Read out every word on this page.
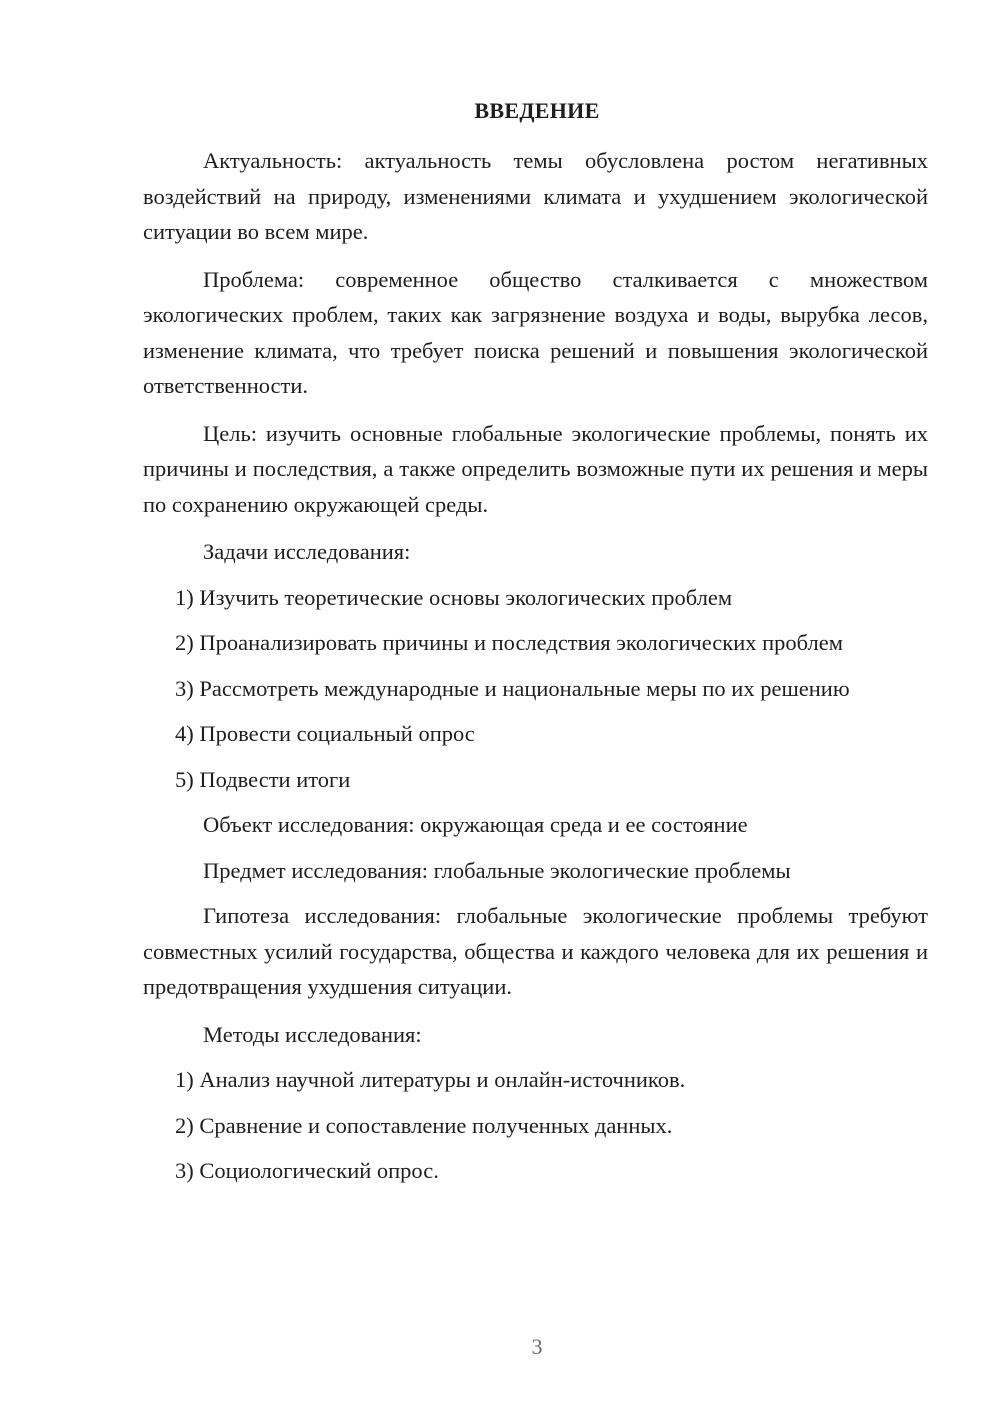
ВВЕДЕНИЕ

Актуальность: актуальность темы обусловлена ростом негативных воздействий на природу, изменениями климата и ухудшением экологической ситуации во всем мире.

Проблема: современное общество сталкивается с множеством экологических проблем, таких как загрязнение воздуха и воды, вырубка лесов, изменение климата, что требует поиска решений и повышения экологической ответственности.

Цель: изучить основные глобальные экологические проблемы, понять их причины и последствия, а также определить возможные пути их решения и меры по сохранению окружающей среды.

Задачи исследования:

1) Изучить теоретические основы экологических проблем

2) Проанализировать причины и последствия экологических проблем

3) Рассмотреть международные и национальные меры по их решению

4) Провести социальный опрос

5) Подвести итоги

Объект исследования: окружающая среда и ее состояние

Предмет исследования: глобальные экологические проблемы

Гипотеза исследования: глобальные экологические проблемы требуют совместных усилий государства, общества и каждого человека для их решения и предотвращения ухудшения ситуации.

Методы исследования:

1) Анализ научной литературы и онлайн-источников.

2) Сравнение и сопоставление полученных данных.

3) Социологический опрос.

3
